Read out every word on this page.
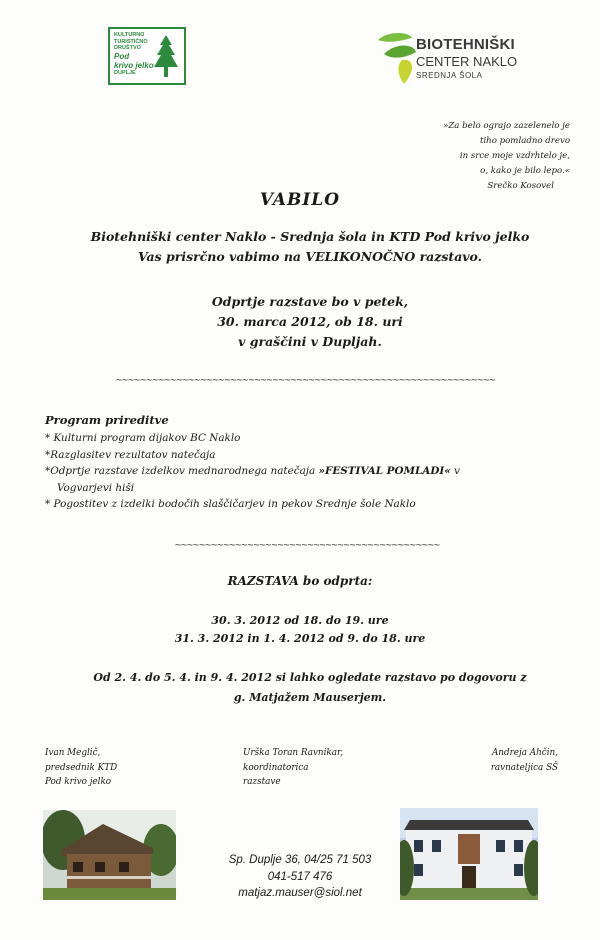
KULTURNO
TURISTIČNO
DRUŠTVO
Pod
krivo jelko
DUPLJE
BIOTEHNIŠKI
CENTER NAKLO
SREDNJA ŠOLA
»Za belo ograjo zazelenelo je
tiho pomladno drevo
in srce moje vzdrhtelo je,
o, kako je bilo lepo.«
Srečko Kosovel
VABILO
Biotehniški center Naklo - Srednja šola in KTD Pod krivo jelko
Vas prisrčno vabimo na VELIKONOČNO razstavo.
Odprtje razstave bo v petek,
30. marca 2012, ob 18. uri
v graščini v Dupljah.
~~~~~~~~~~~~~~~~~~~~~~~~~~~~~~~~~~~~~~~~~~~~~~~~~~~~~~~~~~~~~~~
Program prireditve
* Kulturni program dijakov BC Naklo
*Razglasitev rezultatov natečaja
*Odprtje razstave izdelkov mednarodnega natečaja »FESTIVAL POMLADI« v
Vogvarjevi hiši
* Pogostitev z izdelki bodočih slaščičarjev in pekov Srednje šole Naklo
~~~~~~~~~~~~~~~~~~~~~~~~~~~~~~~~~~~~~~~~~~~~
RAZSTAVA bo odprta:
30. 3. 2012 od 18. do 19. ure
31. 3. 2012 in 1. 4. 2012 od 9. do 18. ure
Od 2. 4. do 5. 4. in 9. 4. 2012 si lahko ogledate razstavo po dogovoru z
g. Matjažem Mauserjem.
Ivan Meglič,
predsednik KTD
Pod krivo jelko
Urška Toran Ravnikar,
koordinatorica
razstave
Andreja Ahčin,
ravnateljica SŠ
Sp. Duplje 36, 04/25 71 503
041-517 476
matjaz.mauser@siol.net
